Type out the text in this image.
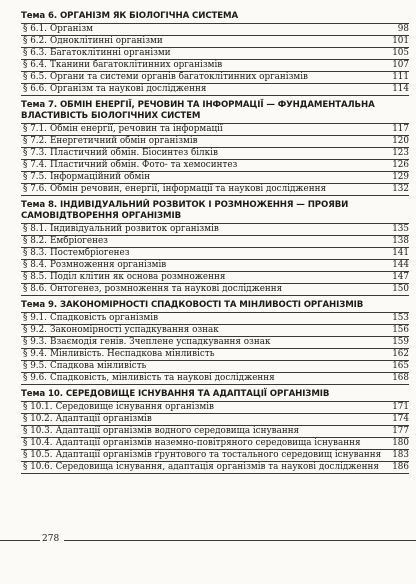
Тема 6. ОРГАНІЗМ ЯК БІОЛОГІЧНА СИСТЕМА
§ 6.1. Організм	98
§ 6.2. Одноклітинні організми	101
§ 6.3. Багатоклітинні організми	105
§ 6.4. Тканини багатоклітинних організмів	107
§ 6.5. Органи та системи органів багатоклітинних організмів	111
§ 6.6. Організм та наукові дослідження	114
Тема 7. ОБМІН ЕНЕРГІЇ, РЕЧОВИН ТА ІНФОРМАЦІЇ — ФУНДАМЕНТАЛЬНА ВЛАСТИВІСТЬ БІОЛОГІЧНИХ СИСТЕМ
§ 7.1. Обмін енергії, речовин та інформації	117
§ 7.2. Енергетичний обмін організмів	120
§ 7.3. Пластичний обмін. Біосинтез білків	123
§ 7.4. Пластичний обмін. Фото- та хемосинтез	126
§ 7.5. Інформаційний обмін	129
§ 7.6. Обмін речовин, енергії, інформації та наукові дослідження	132
Тема 8. ІНДИВІДУАЛЬНИЙ РОЗВИТОК І РОЗМНОЖЕННЯ — ПРОЯВИ САМОВІДТВОРЕННЯ ОРГАНІЗМІВ
§ 8.1. Індивідуальний розвиток організмів	135
§ 8.2. Ембріогенез	138
§ 8.3. Постембріогенез	141
§ 8.4. Розмноження організмів	144
§ 8.5. Поділ клітин як основа розмноження	147
§ 8.6. Онтогенез, розмноження та наукові дослідження	150
Тема 9. ЗАКОНОМІРНОСТІ СПАДКОВОСТІ ТА МІНЛИВОСТІ ОРГАНІЗМІВ
§ 9.1. Спадковість організмів	153
§ 9.2. Закономірності успадкування ознак	156
§ 9.3. Взаємодія генів. Зчеплене успадкування ознак	159
§ 9.4. Мінливість. Неспадкова мінливість	162
§ 9.5. Спадкова мінливість	165
§ 9.6. Спадковість, мінливість та наукові дослідження	168
Тема 10. СЕРЕДОВИЩЕ ІСНУВАННЯ ТА АДАПТАЦІЇ ОРГАНІЗМІВ
§ 10.1. Середовище існування організмів	171
§ 10.2. Адаптації організмів	174
§ 10.3. Адаптації організмів водного середовища існування	177
§ 10.4. Адаптації організмів наземно-повітряного середовища існування	180
§ 10.5. Адаптації організмів ґрунтового та тостального середовищ існування	183
§ 10.6. Середовища існування, адаптація організмів та наукові дослідження	186
278
